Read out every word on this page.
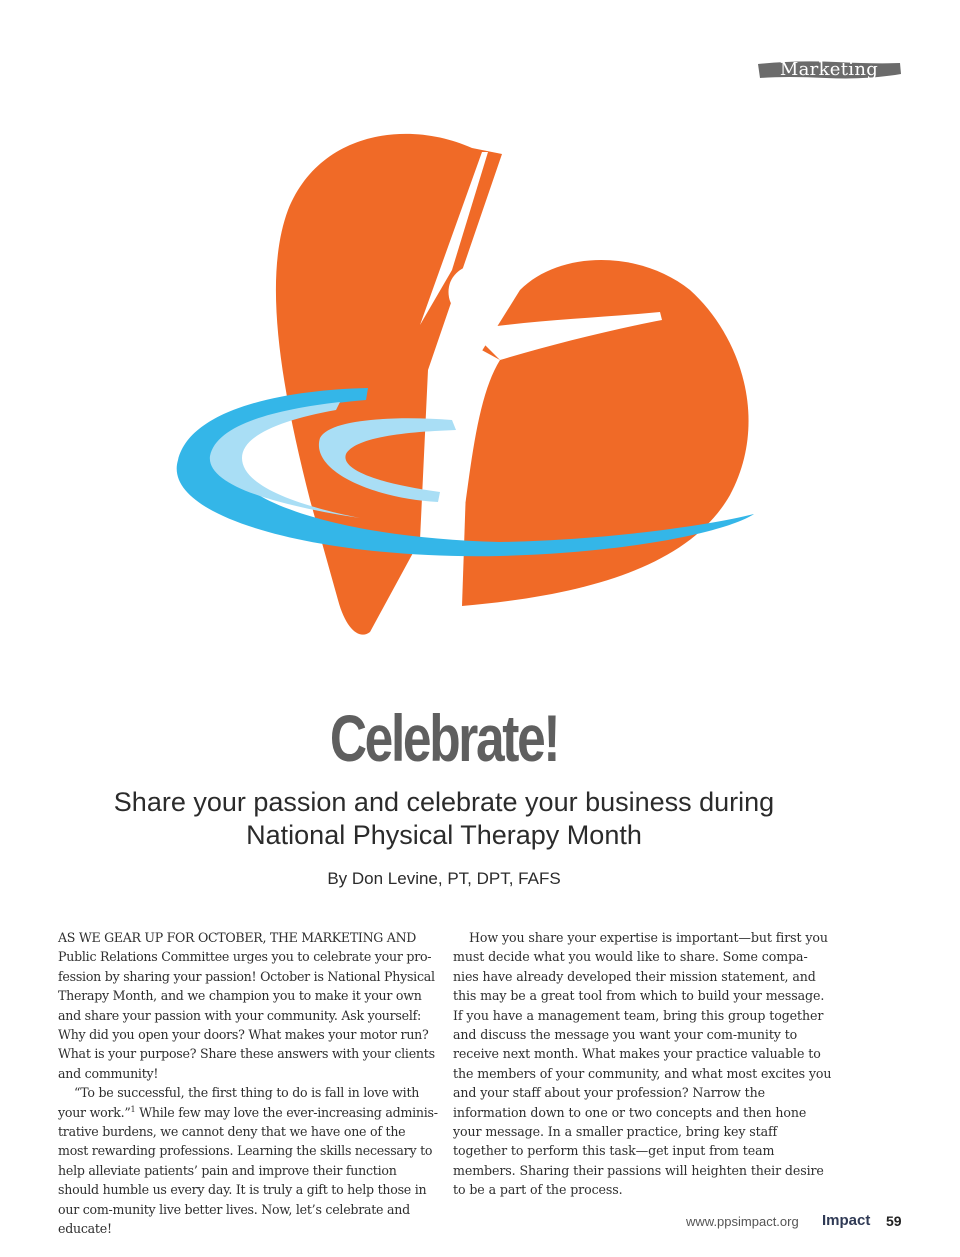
Marketing
Celebrate!
Share your passion and celebrate your business during
National Physical Therapy Month
By Don Levine, PT, DPT, FAFS

AS WE GEAR UP FOR OCTOBER, THE MARKETING AND Public Relations Committee urges you to celebrate your pro-fession by sharing your passion! October is National Physical Therapy Month, and we champion you to make it your own and share your passion with your community. Ask yourself: Why did you open your doors? What makes your motor run? What is your purpose? Share these answers with your clients and community!

“To be successful, the first thing to do is fall in love with your work.”$^1$ While few may love the ever-increasing adminis-trative burdens, we cannot deny that we have one of the most rewarding professions. Learning the skills necessary to help alleviate patients’ pain and improve their function should humble us every day. It is truly a gift to help those in our com-munity live better lives. Now, let’s celebrate and educate!

How you share your expertise is important—but first you must decide what you would like to share. Some compa-nies have already developed their mission statement, and this may be a great tool from which to build your message. If you have a management team, bring this group together and discuss the message you want your com-munity to receive next month. What makes your practice valuable to the members of your community, and what most excites you and your staff about your profession? Narrow the information down to one or two concepts and then hone your message. In a smaller practice, bring key staff together to perform this task—get input from team members. Sharing their passions will heighten their desire to be a part of the process.

www.ppsimpact.org Impact 59
